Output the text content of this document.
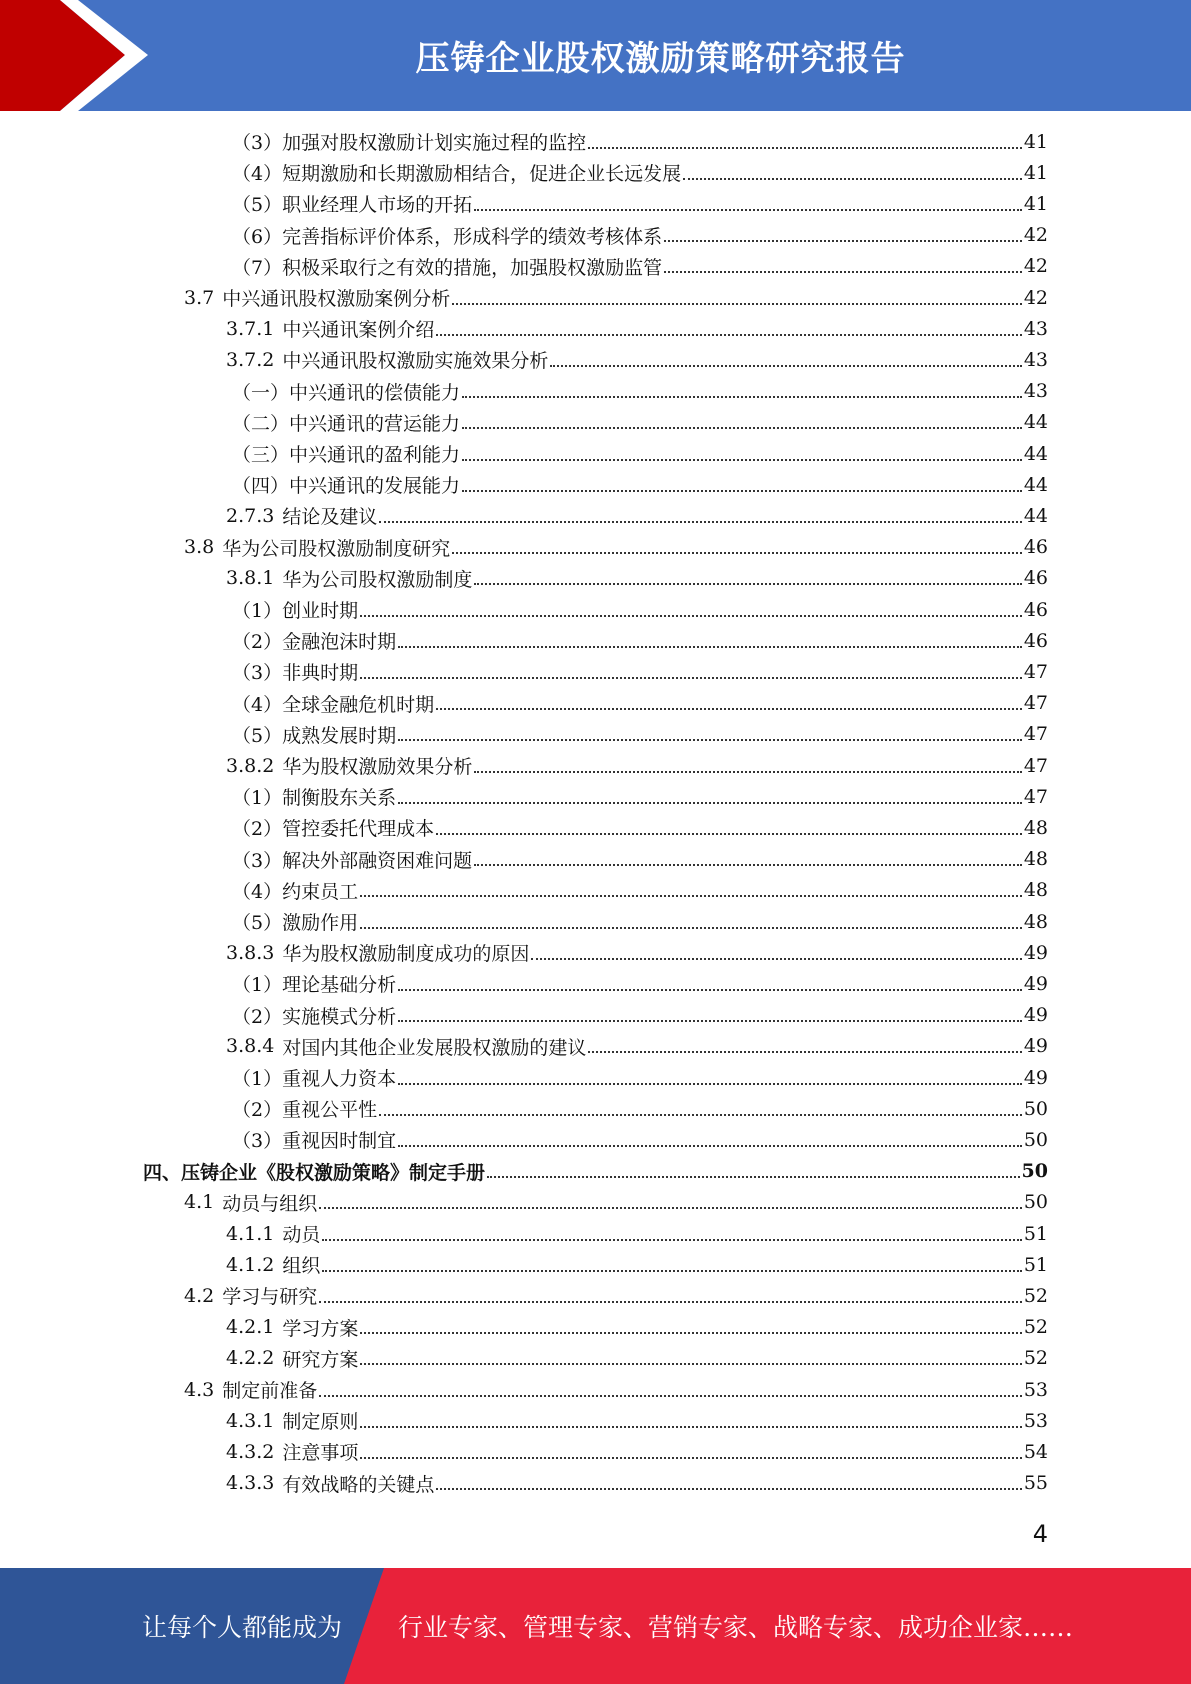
压铸企业股权激励策略研究报告
（3）加强对股权激励计划实施过程的监控	41
（4）短期激励和长期激励相结合，促进企业长远发展	41
（5）职业经理人市场的开拓	41
（6）完善指标评价体系，形成科学的绩效考核体系	42
（7）积极采取行之有效的措施，加强股权激励监管	42
3.7 中兴通讯股权激励案例分析	42
3.7.1 中兴通讯案例介绍	43
3.7.2 中兴通讯股权激励实施效果分析	43
（一）中兴通讯的偿债能力	43
（二）中兴通讯的营运能力	44
（三）中兴通讯的盈利能力	44
（四）中兴通讯的发展能力	44
2.7.3 结论及建议	44
3.8 华为公司股权激励制度研究	46
3.8.1 华为公司股权激励制度	46
（1）创业时期	46
（2）金融泡沫时期	46
（3）非典时期	47
（4）全球金融危机时期	47
（5）成熟发展时期	47
3.8.2 华为股权激励效果分析	47
（1）制衡股东关系	47
（2）管控委托代理成本	48
（3）解决外部融资困难问题	48
（4）约束员工	48
（5）激励作用	48
3.8.3 华为股权激励制度成功的原因	49
（1）理论基础分析	49
（2）实施模式分析	49
3.8.4 对国内其他企业发展股权激励的建议	49
（1）重视人力资本	49
（2）重视公平性	50
（3）重视因时制宜	50
四、压铸企业《股权激励策略》制定手册	50
4.1 动员与组织	50
4.1.1 动员	51
4.1.2 组织	51
4.2 学习与研究	52
4.2.1 学习方案	52
4.2.2 研究方案	52
4.3 制定前准备	53
4.3.1 制定原则	53
4.3.2 注意事项	54
4.3.3 有效战略的关键点	55
4
让每个人都能成为 行业专家、管理专家、营销专家、战略专家、成功企业家……
